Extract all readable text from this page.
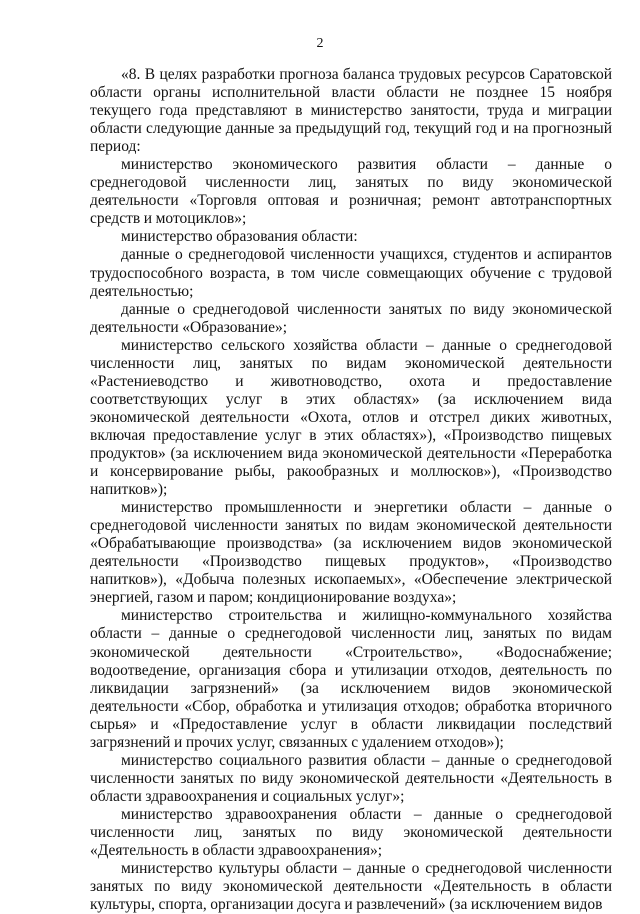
2

«8. В целях разработки прогноза баланса трудовых ресурсов Саратовской области органы исполнительной власти области не позднее 15 ноября текущего года представляют в министерство занятости, труда и миграции области следующие данные за предыдущий год, текущий год и на прогнозный период:

министерство экономического развития области – данные о среднегодовой численности лиц, занятых по виду экономической деятельности «Торговля оптовая и розничная; ремонт автотранспортных средств и мотоциклов»;

министерство образования области:

данные о среднегодовой численности учащихся, студентов и аспирантов трудоспособного возраста, в том числе совмещающих обучение с трудовой деятельностью;

данные о среднегодовой численности занятых по виду экономической деятельности «Образование»;

министерство сельского хозяйства области – данные о среднегодовой численности лиц, занятых по видам экономической деятельности «Растениеводство и животноводство, охота и предоставление соответствующих услуг в этих областях» (за исключением вида экономической деятельности «Охота, отлов и отстрел диких животных, включая предоставление услуг в этих областях»), «Производство пищевых продуктов» (за исключением вида экономической деятельности «Переработка и консервирование рыбы, ракообразных и моллюсков»), «Производство напитков»);

министерство промышленности и энергетики области – данные о среднегодовой численности занятых по видам экономической деятельности «Обрабатывающие производства» (за исключением видов экономической деятельности «Производство пищевых продуктов», «Производство напитков»), «Добыча полезных ископаемых», «Обеспечение электрической энергией, газом и паром; кондиционирование воздуха»;

министерство строительства и жилищно-коммунального хозяйства области – данные о среднегодовой численности лиц, занятых по видам экономической деятельности «Строительство», «Водоснабжение; водоотведение, организация сбора и утилизации отходов, деятельность по ликвидации загрязнений» (за исключением видов экономической деятельности «Сбор, обработка и утилизация отходов; обработка вторичного сырья» и «Предоставление услуг в области ликвидации последствий загрязнений и прочих услуг, связанных с удалением отходов»);

министерство социального развития области – данные о среднегодовой численности занятых по виду экономической деятельности «Деятельность в области здравоохранения и социальных услуг»;

министерство здравоохранения области – данные о среднегодовой численности лиц, занятых по виду экономической деятельности «Деятельность в области здравоохранения»;

министерство культуры области – данные о среднегодовой численности занятых по виду экономической деятельности «Деятельность в области культуры, спорта, организации досуга и развлечений» (за исключением видов
